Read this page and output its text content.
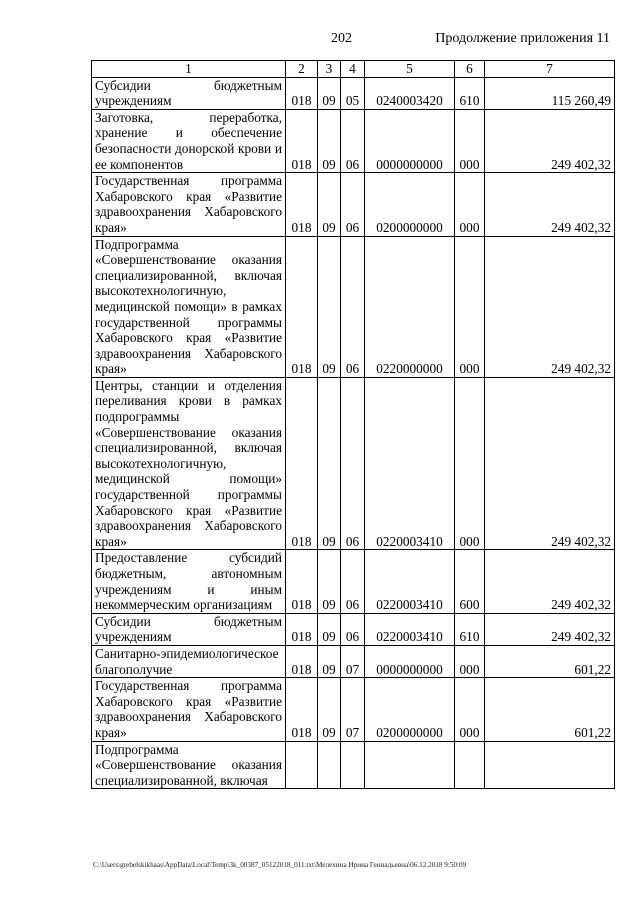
202	Продолжение приложения 11
1	2	3	4	5	6	7
Субсидии бюджетным учреждениям	018	09	05	0240003420	610	115 260,49
Заготовка, переработка, хранение и обеспечение безопасности донорской крови и ее компонентов	018	09	06	0000000000	000	249 402,32
Государственная программа Хабаровского края «Развитие здравоохранения Хабаровского края»	018	09	06	0200000000	000	249 402,32
Подпрограмма «Совершенствование оказания специализированной, включая высокотехнологичную, медицинской помощи» в рамках государственной программы Хабаровского края «Развитие здравоохранения Хабаровского края»	018	09	06	0220000000	000	249 402,32
Центры, станции и отделения переливания крови в рамках подпрограммы «Совершенствование оказания специализированной, включая высокотехнологичную, медицинской помощи» государственной программы Хабаровского края «Развитие здравоохранения Хабаровского края»	018	09	06	0220003410	000	249 402,32
Предоставление субсидий бюджетным, автономным учреждениям и иным некоммерческим организациям	018	09	06	0220003410	600	249 402,32
Субсидии бюджетным учреждениям	018	09	06	0220003410	610	249 402,32
Санитарно-эпидемиологическое благополучие	018	09	07	0000000000	000	601,22
Государственная программа Хабаровского края «Развитие здравоохранения Хабаровского края»	018	09	07	0200000000	000	601,22
Подпрограмма «Совершенствование оказания специализированной, включая						
C:\Users\grebelskikhaas\AppData\Local\Temp\3k_00387_05122018_011.txt\Мелехина Ирина Геннадьевна\06.12.2018 9:50:09
